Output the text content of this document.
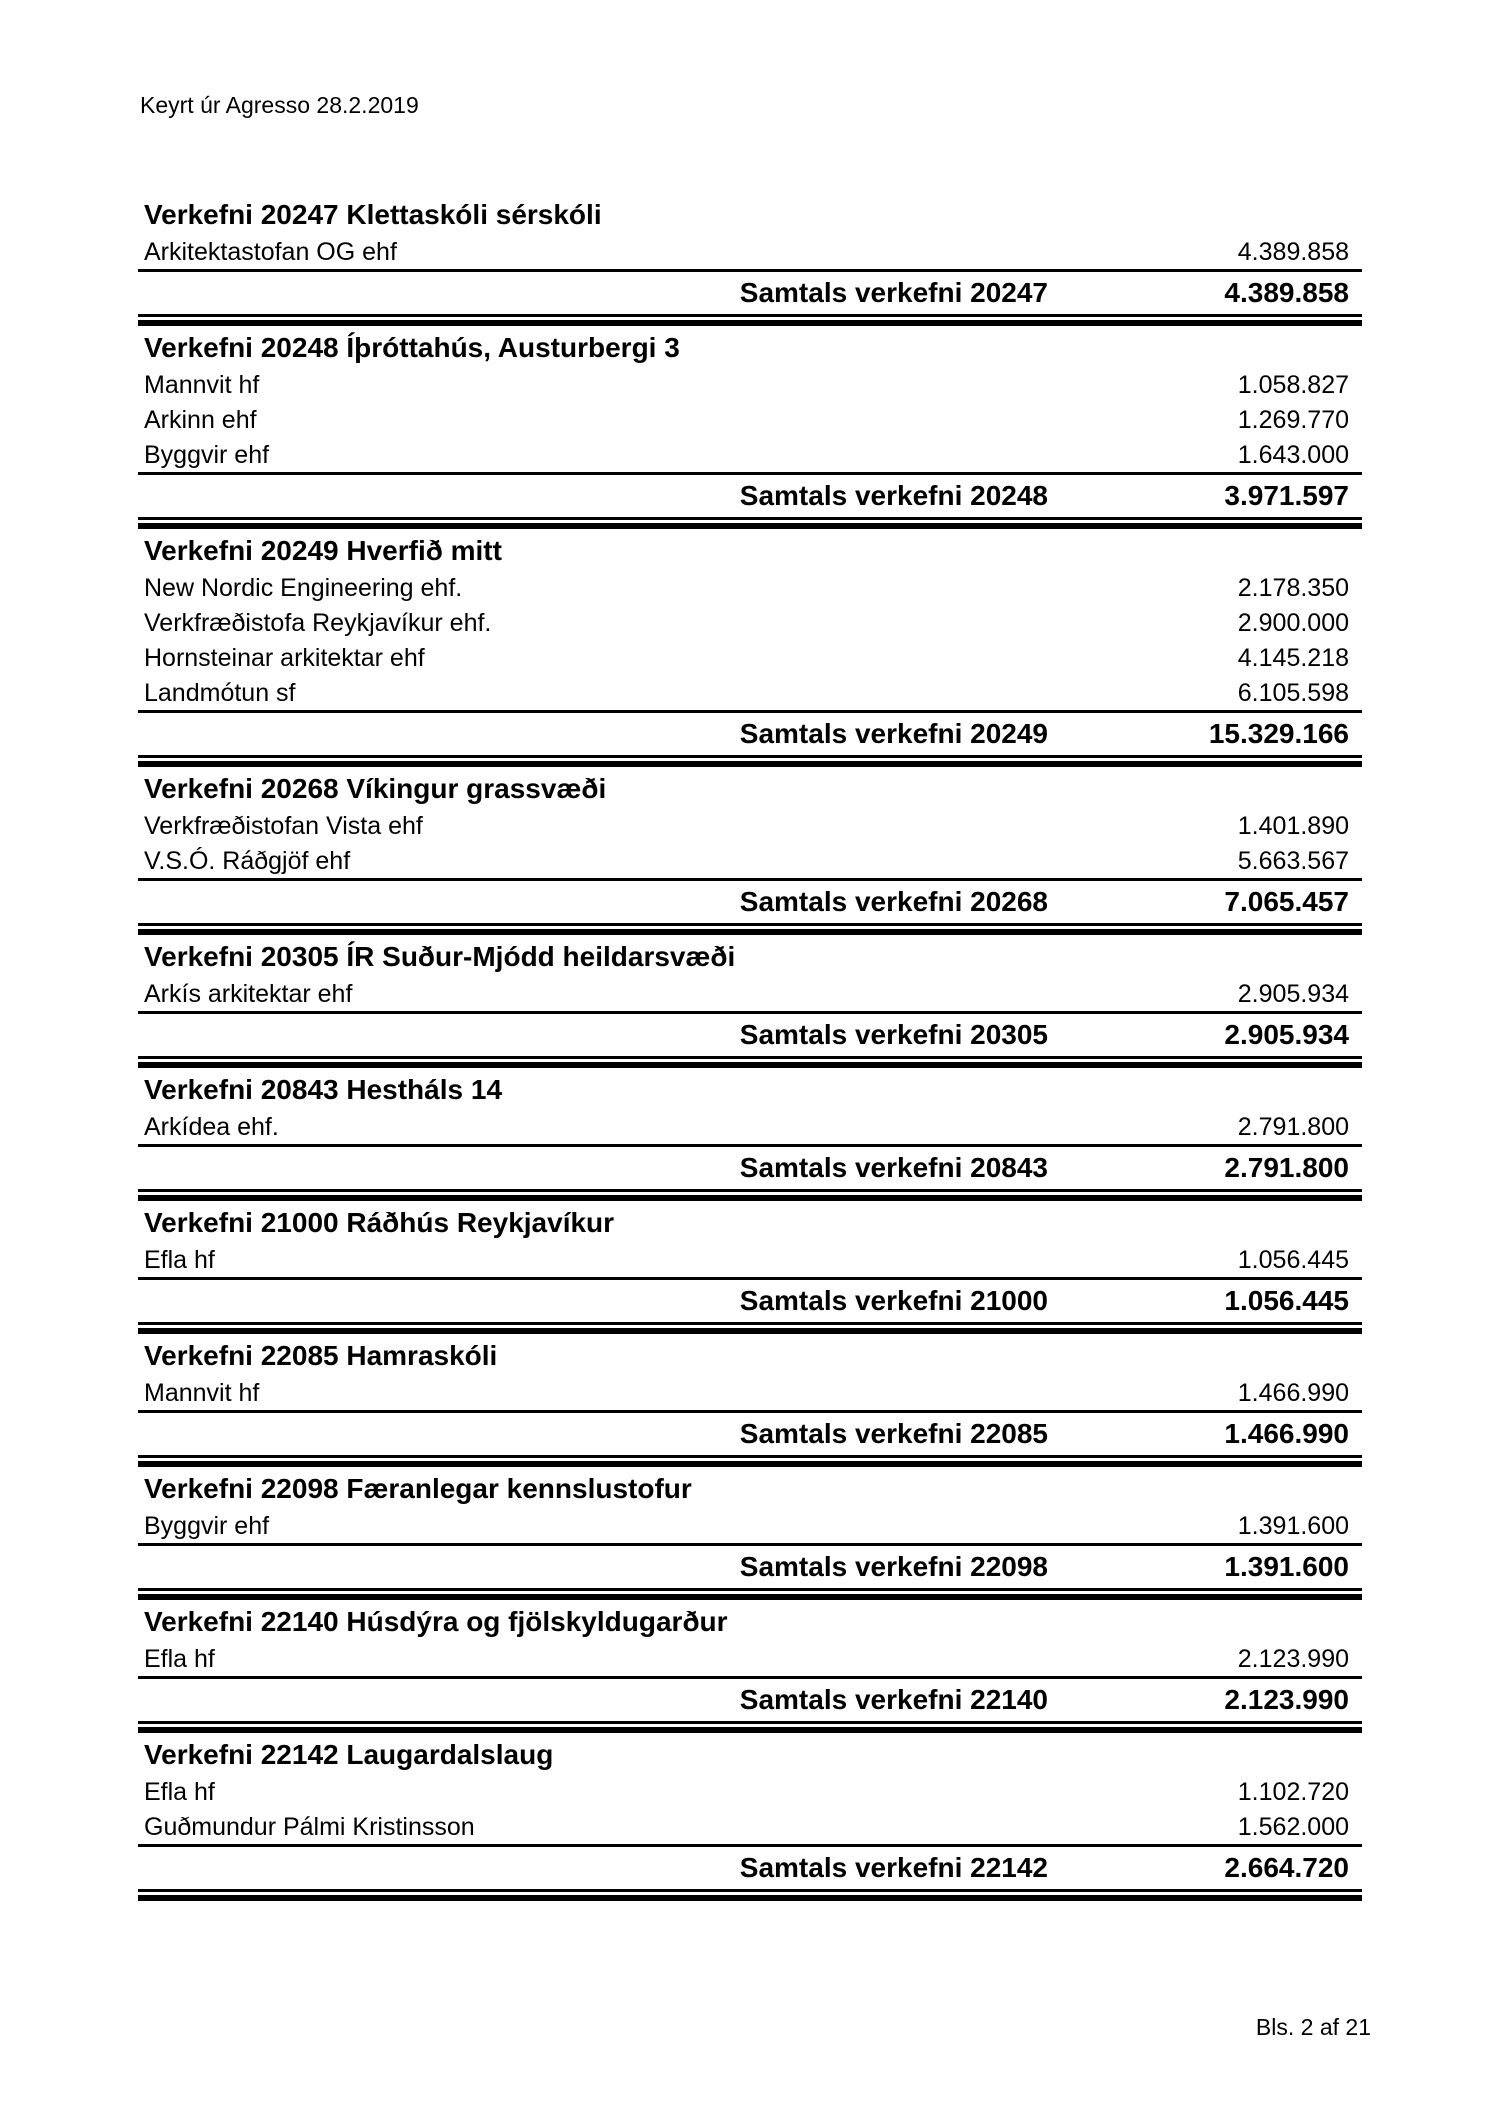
Keyrt úr Agresso 28.2.2019
Verkefni 20247 Klettaskóli sérskóli
Arkitektastofan OG ehf	4.389.858
Samtals verkefni 20247	4.389.858
Verkefni 20248 Íþróttahús, Austurbergi 3
Mannvit hf	1.058.827
Arkinn ehf	1.269.770
Byggvir ehf	1.643.000
Samtals verkefni 20248	3.971.597
Verkefni 20249 Hverfið mitt
New Nordic Engineering ehf.	2.178.350
Verkfræðistofa Reykjavíkur ehf.	2.900.000
Hornsteinar arkitektar ehf	4.145.218
Landmótun sf	6.105.598
Samtals verkefni 20249	15.329.166
Verkefni 20268 Víkingur grassvæði
Verkfræðistofan Vista ehf	1.401.890
V.S.Ó. Ráðgjöf ehf	5.663.567
Samtals verkefni 20268	7.065.457
Verkefni 20305 ÍR Suður-Mjódd heildarsvæði
Arkís arkitektar ehf	2.905.934
Samtals verkefni 20305	2.905.934
Verkefni 20843 Hestháls 14
Arkídea ehf.	2.791.800
Samtals verkefni 20843	2.791.800
Verkefni 21000 Ráðhús Reykjavíkur
Efla hf	1.056.445
Samtals verkefni 21000	1.056.445
Verkefni 22085 Hamraskóli
Mannvit hf	1.466.990
Samtals verkefni 22085	1.466.990
Verkefni 22098 Færanlegar kennslustofur
Byggvir ehf	1.391.600
Samtals verkefni 22098	1.391.600
Verkefni 22140 Húsdýra og fjölskyldugarður
Efla hf	2.123.990
Samtals verkefni 22140	2.123.990
Verkefni 22142 Laugardalslaug
Efla hf	1.102.720
Guðmundur Pálmi Kristinsson	1.562.000
Samtals verkefni 22142	2.664.720
Bls. 2 af 21
